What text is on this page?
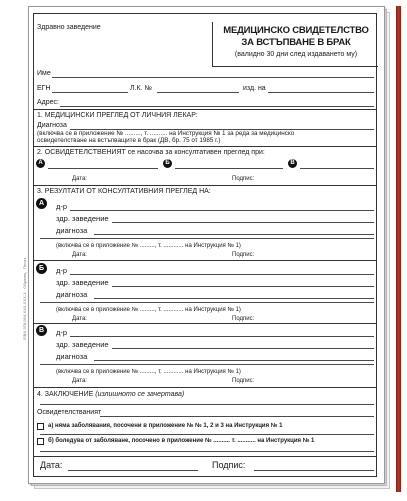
ISBN 978-954-XXX-XXX-X · Образец · Печат
Здравно заведение	МЕДИЦИНСКО СВИДЕТЕЛСТВО
ЗА ВСТЪПВАНЕ В БРАК
(валидно 30 дни след издаването му)
Име
ЕГН	Л.К. №	изд. на
Адрес:
1. МЕДИЦИНСКИ ПРЕГЛЕД ОТ ЛИЧНИЯ ЛЕКАР:
Диагноза
(включва се в приложение № ........., т. .......... на Инструкция № 1 за реда за медицинско
освидетелстване на встъпващите в брак (ДВ, бр. 75 от 1985 г.)
2. ОСВИДЕТЕЛСТВЕНИЯТ се насочва за консултативен преглед при:
А	Б	В
Дата:	Подпис:
3. РЕЗУЛТАТИ ОТ КОНСУЛТАТИВНИЯ ПРЕГЛЕД НА:
А	д-р
здр. заведение
диагноза
(включва се в приложение № ........., т. ............ на Инструкция № 1)
Дата:	Подпис:
Б	д-р
здр. заведение
диагноза
(включва се в приложение № ........., т. ............ на Инструкция № 1)
Дата:	Подпис:
В	д-р
здр. заведение
диагноза
(включва се в приложение № ........., т. ............ на Инструкция № 1)
Дата:	Подпис:
4. ЗАКЛЮЧЕНИЕ (излишното се зачертава)
Освидетелстваният
а) няма заболявания, посочени в приложение № № 1, 2 и 3 на Инструкция № 1
б) боледува от заболяване, посочено в приложение № .......... т. ........... на Инструкция № 1
Дата:	Подпис:
